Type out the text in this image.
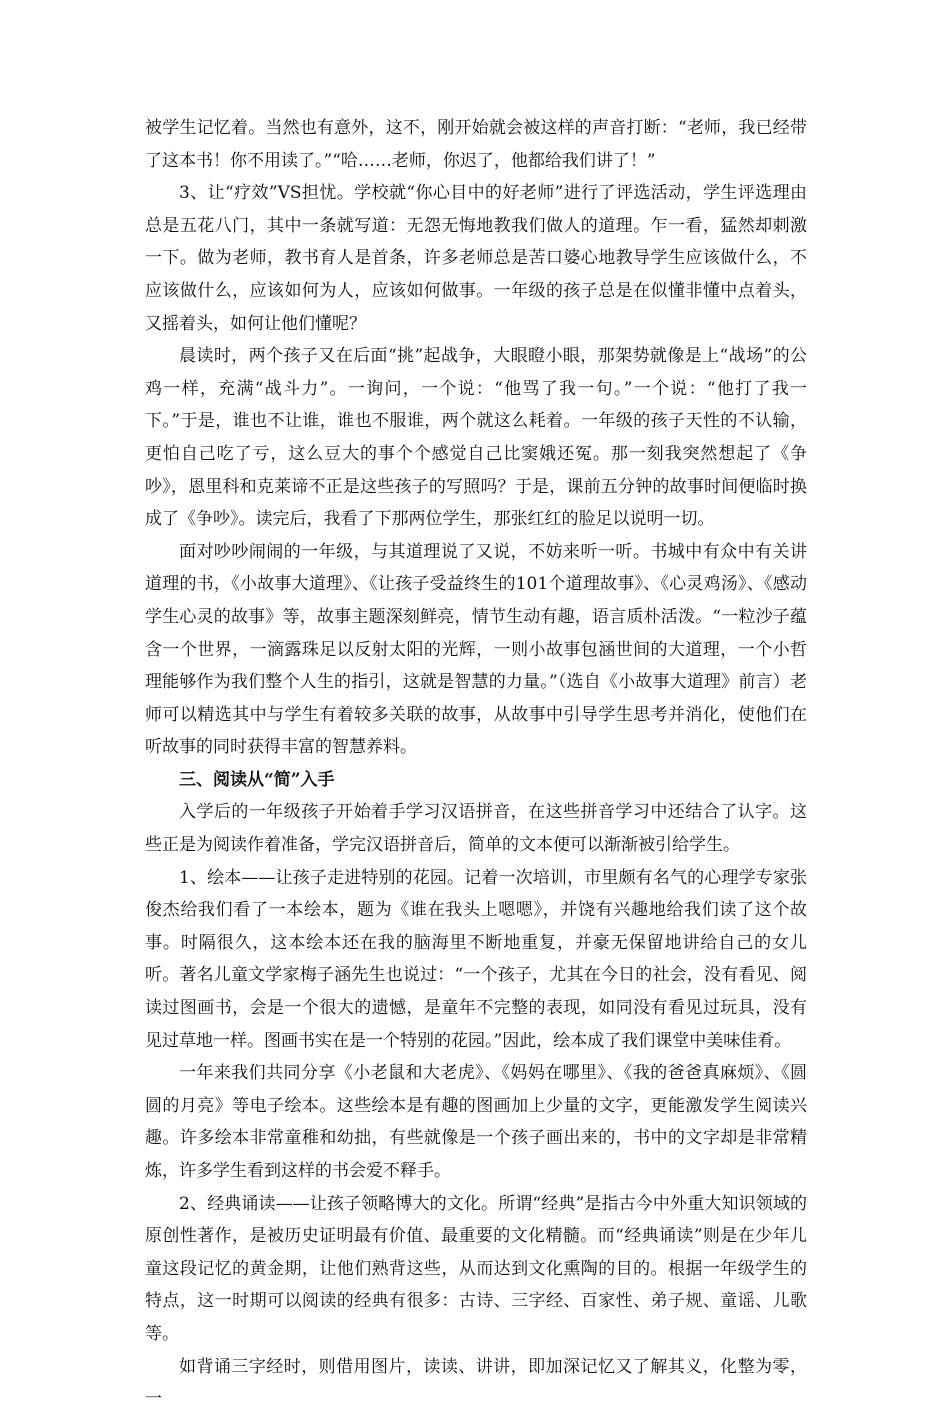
被学生记忆着。当然也有意外，这不，刚开始就会被这样的声音打断：“老师，我已经带了这本书！你不用读了。”“哈……老师，你迟了，他都给我们讲了！”

3、让“疗效”VS担忧。学校就“你心目中的好老师”进行了评选活动，学生评选理由总是五花八门，其中一条就写道：无怨无悔地教我们做人的道理。乍一看，猛然却刺激一下。做为老师，教书育人是首条，许多老师总是苦口婆心地教导学生应该做什么，不应该做什么，应该如何为人，应该如何做事。一年级的孩子总是在似懂非懂中点着头，又摇着头，如何让他们懂呢？

晨读时，两个孩子又在后面“挑”起战争，大眼瞪小眼，那架势就像是上“战场”的公鸡一样，充满“战斗力”。一询问，一个说：“他骂了我一句。”一个说：“他打了我一下。”于是，谁也不让谁，谁也不服谁，两个就这么耗着。一年级的孩子天性的不认输，更怕自己吃了亏，这么豆大的事个个感觉自己比窦娥还冤。那一刻我突然想起了《争吵》，恩里科和克莱谛不正是这些孩子的写照吗？于是，课前五分钟的故事时间便临时换成了《争吵》。读完后，我看了下那两位学生，那张红红的脸足以说明一切。

面对吵吵闹闹的一年级，与其道理说了又说，不妨来听一听。书城中有众中有关讲道理的书，《小故事大道理》、《让孩子受益终生的101个道理故事》、《心灵鸡汤》、《感动学生心灵的故事》等，故事主题深刻鲜亮，情节生动有趣，语言质朴活泼。“一粒沙子蕴含一个世界，一滴露珠足以反射太阳的光辉，一则小故事包涵世间的大道理，一个小哲理能够作为我们整个人生的指引，这就是智慧的力量。”（选自《小故事大道理》前言）老师可以精选其中与学生有着较多关联的故事，从故事中引导学生思考并消化，使他们在听故事的同时获得丰富的智慧养料。

三、阅读从“简”入手

入学后的一年级孩子开始着手学习汉语拼音，在这些拼音学习中还结合了认字。这些正是为阅读作着准备，学完汉语拼音后，简单的文本便可以渐渐被引给学生。

1、绘本——让孩子走进特别的花园。记着一次培训，市里颇有名气的心理学专家张俊杰给我们看了一本绘本，题为《谁在我头上嗯嗯》，并饶有兴趣地给我们读了这个故事。时隔很久，这本绘本还在我的脑海里不断地重复，并豪无保留地讲给自己的女儿听。著名儿童文学家梅子涵先生也说过：“一个孩子，尤其在今日的社会，没有看见、阅读过图画书，会是一个很大的遗憾，是童年不完整的表现，如同没有看见过玩具，没有见过草地一样。图画书实在是一个特别的花园。”因此，绘本成了我们课堂中美味佳肴。

一年来我们共同分享《小老鼠和大老虎》、《妈妈在哪里》、《我的爸爸真麻烦》、《圆圆的月亮》等电子绘本。这些绘本是有趣的图画加上少量的文字，更能激发学生阅读兴趣。许多绘本非常童稚和幼拙，有些就像是一个孩子画出来的，书中的文字却是非常精炼，许多学生看到这样的书会爱不释手。

2、经典诵读——让孩子领略博大的文化。所谓“经典”是指古今中外重大知识领域的原创性著作，是被历史证明最有价值、最重要的文化精髓。而“经典诵读”则是在少年儿童这段记忆的黄金期，让他们熟背这些，从而达到文化熏陶的目的。根据一年级学生的特点，这一时期可以阅读的经典有很多：古诗、三字经、百家性、弟子规、童谣、儿歌等。

如背诵三字经时，则借用图片，读读、讲讲，即加深记忆又了解其义，化整为零，一
